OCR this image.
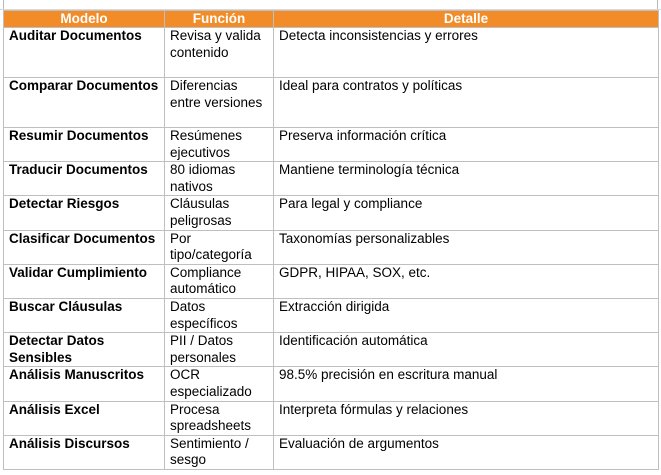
Modelo	Función	Detalle
Auditar Documentos	Revisa y valida contenido	Detecta inconsistencias y errores
Comparar Documentos	Diferencias entre versiones	Ideal para contratos y políticas
Resumir Documentos	Resúmenes ejecutivos	Preserva información crítica
Traducir Documentos	80 idiomas nativos	Mantiene terminología técnica
Detectar Riesgos	Cláusulas peligrosas	Para legal y compliance
Clasificar Documentos	Por tipo/categoría	Taxonomías personalizables
Validar Cumplimiento	Compliance automático	GDPR, HIPAA, SOX, etc.
Buscar Cláusulas	Datos específicos	Extracción dirigida
Detectar Datos Sensibles	PII / Datos personales	Identificación automática
Análisis Manuscritos	OCR especializado	98.5% precisión en escritura manual
Análisis Excel	Procesa spreadsheets	Interpreta fórmulas y relaciones
Análisis Discursos	Sentimiento / sesgo	Evaluación de argumentos
